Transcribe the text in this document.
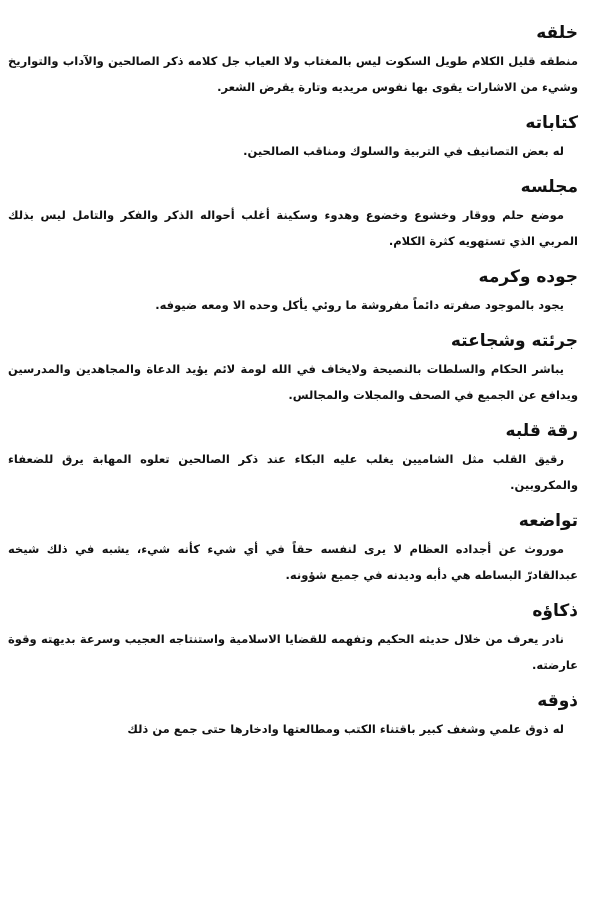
خلقه

منطقه قليل الكلام طويل السكوت ليس بالمغتاب ولا العياب جل كلامه ذكر الصالحين والآداب والتواريخ وشيء من الاشارات يقوى بها نفوس مريديه وتارة يقرض الشعر.

كتاباته

له بعض التصانيف في التربية والسلوك ومناقب الصالحين.

مجلسه

موضع حلم ووقار وخشوع وخضوع وهدوء وسكينة أغلب أحواله الذكر والفكر والتامل ليس بذلك المربي الذي تستهويه كثرة الكلام.

جوده وكرمه

يجود بالموجود صفرته دائماً مفروشة ما روئي يأكل وحده الا ومعه ضيوفه.

جرئته وشجاعته

يباشر الحكام والسلطات بالنصيحة ولايخاف في الله لومة لائم يؤيد الدعاة والمجاهدين والمدرسين ويدافع عن الجميع في الصحف والمجلات والمجالس.

رقة قلبه

رقيق القلب مثل الشاميين يغلب عليه البكاء عند ذكر الصالحين تعلوه المهابة يرق للضعفاء والمكروبين.

تواضعه

موروث عن أجداده العظام لا يرى لنفسه حقاً في أي شيء كأنه شيء، يشبه في ذلك شيخه عبدالقادرّ البساطه هي دأبه وديدنه في جميع شؤونه.

ذكاؤه

نادر يعرف من خلال حديثه الحكيم وتفهمه للقضايا الاسلامية واستنتاجه العجيب وسرعة بديهته وقوة عارضته.

ذوقه

له ذوق علمي وشغف كبير باقتناء الكتب ومطالعتها وادخارها حتى جمع من ذلك
